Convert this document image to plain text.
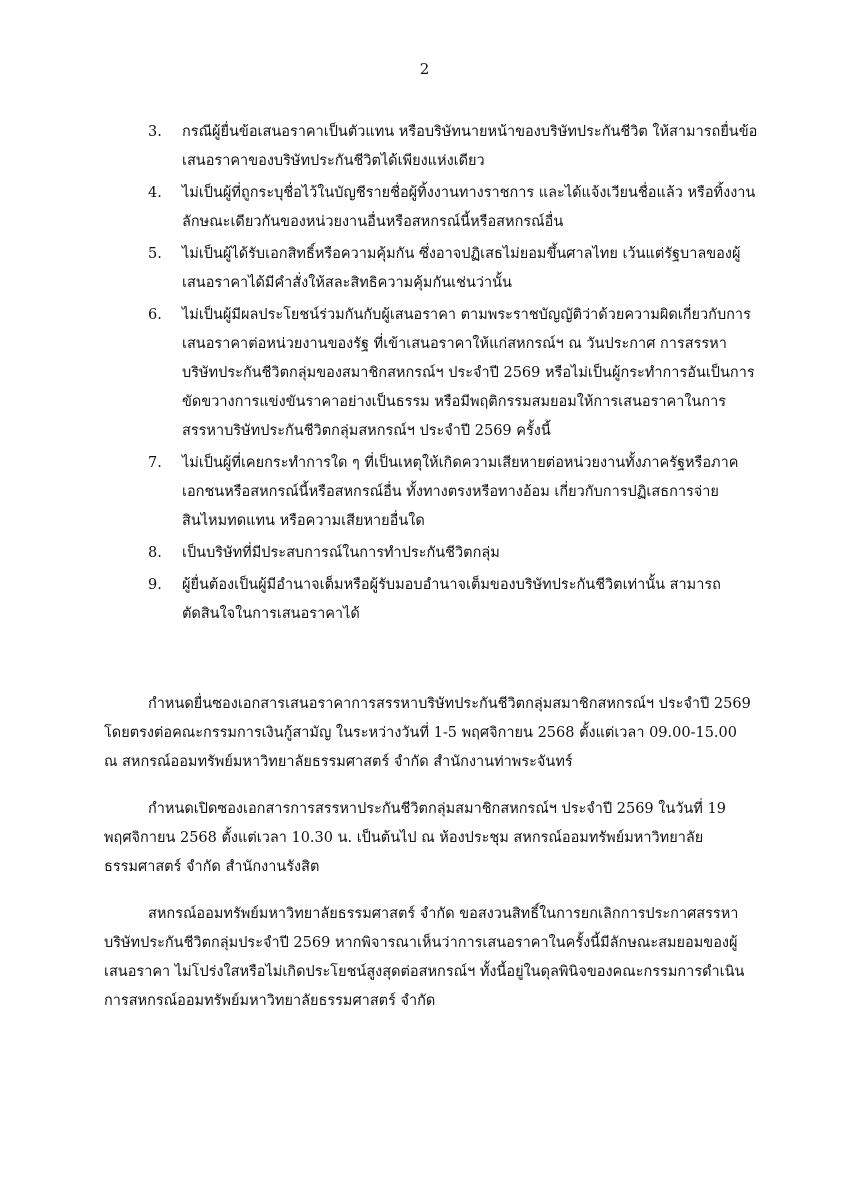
2
3.	กรณีผู้ยื่นข้อเสนอราคาเป็นตัวแทน หรือบริษัทนายหน้าของบริษัทประกันชีวิต ให้สามารถยื่นข้อเสนอราคาของบริษัทประกันชีวิตได้เพียงแห่งเดียว
4.	ไม่เป็นผู้ที่ถูกระบุชื่อไว้ในบัญชีรายชื่อผู้ทิ้งงานทางราชการ และได้แจ้งเวียนชื่อแล้ว หรือทิ้งงานลักษณะเดียวกันของหน่วยงานอื่นหรือสหกรณ์นี้หรือสหกรณ์อื่น
5.	ไม่เป็นผู้ได้รับเอกสิทธิ์หรือความคุ้มกัน ซึ่งอาจปฏิเสธไม่ยอมขึ้นศาลไทย เว้นแต่รัฐบาลของผู้เสนอราคาได้มีคำสั่งให้สละสิทธิความคุ้มกันเช่นว่านั้น
6.	ไม่เป็นผู้มีผลประโยชน์ร่วมกันกับผู้เสนอราคา ตามพระราชบัญญัติว่าด้วยความผิดเกี่ยวกับการเสนอราคาต่อหน่วยงานของรัฐ ที่เข้าเสนอราคาให้แก่สหกรณ์ฯ ณ วันประกาศ การสรรหาบริษัทประกันชีวิตกลุ่มของสมาชิกสหกรณ์ฯ ประจำปี 2569 หรือไม่เป็นผู้กระทำการอันเป็นการขัดขวางการแข่งขันราคาอย่างเป็นธรรม หรือมีพฤติกรรมสมยอมให้การเสนอราคาในการสรรหาบริษัทประกันชีวิตกลุ่มสหกรณ์ฯ ประจำปี 2569 ครั้งนี้
7.	ไม่เป็นผู้ที่เคยกระทำการใด ๆ ที่เป็นเหตุให้เกิดความเสียหายต่อหน่วยงานทั้งภาครัฐหรือภาคเอกชนหรือสหกรณ์นี้หรือสหกรณ์อื่น ทั้งทางตรงหรือทางอ้อม เกี่ยวกับการปฏิเสธการจ่ายสินไหมทดแทน หรือความเสียหายอื่นใด
8.	เป็นบริษัทที่มีประสบการณ์ในการทำประกันชีวิตกลุ่ม
9.	ผู้ยื่นต้องเป็นผู้มีอำนาจเต็มหรือผู้รับมอบอำนาจเต็มของบริษัทประกันชีวิตเท่านั้น สามารถตัดสินใจในการเสนอราคาได้

กำหนดยื่นซองเอกสารเสนอราคาการสรรหาบริษัทประกันชีวิตกลุ่มสมาชิกสหกรณ์ฯ ประจำปี 2569 โดยตรงต่อคณะกรรมการเงินกู้สามัญ ในระหว่างวันที่ 1-5 พฤศจิกายน 2568 ตั้งแต่เวลา 09.00-15.00 ณ สหกรณ์ออมทรัพย์มหาวิทยาลัยธรรมศาสตร์ จำกัด สำนักงานท่าพระจันทร์

กำหนดเปิดซองเอกสารการสรรหาประกันชีวิตกลุ่มสมาชิกสหกรณ์ฯ ประจำปี 2569 ในวันที่ 19 พฤศจิกายน 2568 ตั้งแต่เวลา 10.30 น. เป็นต้นไป ณ ห้องประชุม สหกรณ์ออมทรัพย์มหาวิทยาลัยธรรมศาสตร์ จำกัด สำนักงานรังสิต

สหกรณ์ออมทรัพย์มหาวิทยาลัยธรรมศาสตร์ จำกัด ขอสงวนสิทธิ์ในการยกเลิกการประกาศสรรหาบริษัทประกันชีวิตกลุ่มประจำปี 2569 หากพิจารณาเห็นว่าการเสนอราคาในครั้งนี้มีลักษณะสมยอมของผู้เสนอราคา ไม่โปร่งใสหรือไม่เกิดประโยชน์สูงสุดต่อสหกรณ์ฯ ทั้งนี้อยู่ในดุลพินิจของคณะกรรมการดำเนินการสหกรณ์ออมทรัพย์มหาวิทยาลัยธรรมศาสตร์ จำกัด
